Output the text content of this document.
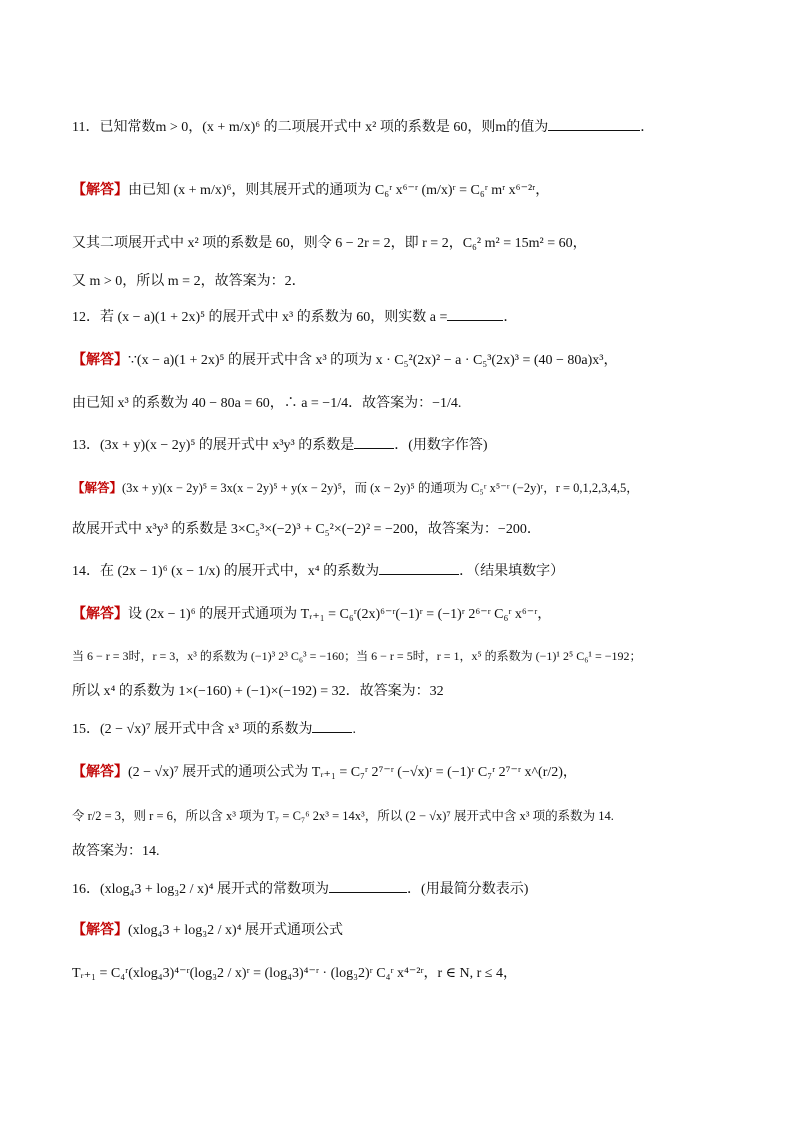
11．已知常数m > 0，(x + m/x)⁶ 的二项展开式中 x² 项的系数是 60，则m的值为	．
【解答】由已知 (x + m/x)⁶，则其展开式的通项为 C₆ʳ x⁶⁻ʳ (m/x)ʳ = C₆ʳ mʳ x⁶⁻²ʳ，
又其二项展开式中 x² 项的系数是 60，则令 6 − 2r = 2，即 r = 2，C₆² m² = 15m² = 60，
又 m > 0，所以 m = 2，故答案为：2．
12．若 (x − a)(1 + 2x)⁵ 的展开式中 x³ 的系数为 60，则实数 a =	．
【解答】∵(x − a)(1 + 2x)⁵ 的展开式中含 x³ 的项为 x · C₅²(2x)² − a · C₅³(2x)³ = (40 − 80a)x³，
由已知 x³ 的系数为 40 − 80a = 60，∴ a = −1/4．故答案为：−1/4.
13．(3x + y)(x − 2y)⁵ 的展开式中 x³y³ 的系数是	．(用数字作答)
【解答】(3x + y)(x − 2y)⁵ = 3x(x − 2y)⁵ + y(x − 2y)⁵，而 (x − 2y)⁵ 的通项为 C₅ʳ x⁵⁻ʳ (−2y)ʳ，r = 0,1,2,3,4,5，
故展开式中 x³y³ 的系数是 3×C₅³×(−2)³ + C₅²×(−2)² = −200，故答案为：−200．
14．在 (2x − 1)⁶ (x − 1/x) 的展开式中，x⁴ 的系数为	．（结果填数字）
【解答】设 (2x − 1)⁶ 的展开式通项为 Tᵣ₊₁ = C₆ʳ(2x)⁶⁻ʳ(−1)ʳ = (−1)ʳ 2⁶⁻ʳ C₆ʳ x⁶⁻ʳ，
当 6 − r = 3时，r = 3，x³ 的系数为 (−1)³ 2³ C₆³ = −160；当 6 − r = 5时，r = 1，x⁵ 的系数为 (−1)¹ 2⁵ C₆¹ = −192；
所以 x⁴ 的系数为 1×(−160) + (−1)×(−192) = 32．故答案为：32
15．(2 − √x)⁷ 展开式中含 x³ 项的系数为	.
【解答】(2 − √x)⁷ 展开式的通项公式为 Tᵣ₊₁ = C₇ʳ 2⁷⁻ʳ (−√x)ʳ = (−1)ʳ C₇ʳ 2⁷⁻ʳ x^(r/2)，
令 r/2 = 3，则 r = 6，所以含 x³ 项为 T₇ = C₇⁶ 2x³ = 14x³，所以 (2 − √x)⁷ 展开式中含 x³ 项的系数为 14.
故答案为：14.
16．(xlog₄3 + log₃2 / x)⁴ 展开式的常数项为	．(用最简分数表示)
【解答】(xlog₄3 + log₃2 / x)⁴ 展开式通项公式
Tᵣ₊₁ = C₄ʳ(xlog₄3)⁴⁻ʳ(log₃2 / x)ʳ = (log₄3)⁴⁻ʳ · (log₃2)ʳ C₄ʳ x⁴⁻²ʳ，r ∈ N, r ≤ 4，
